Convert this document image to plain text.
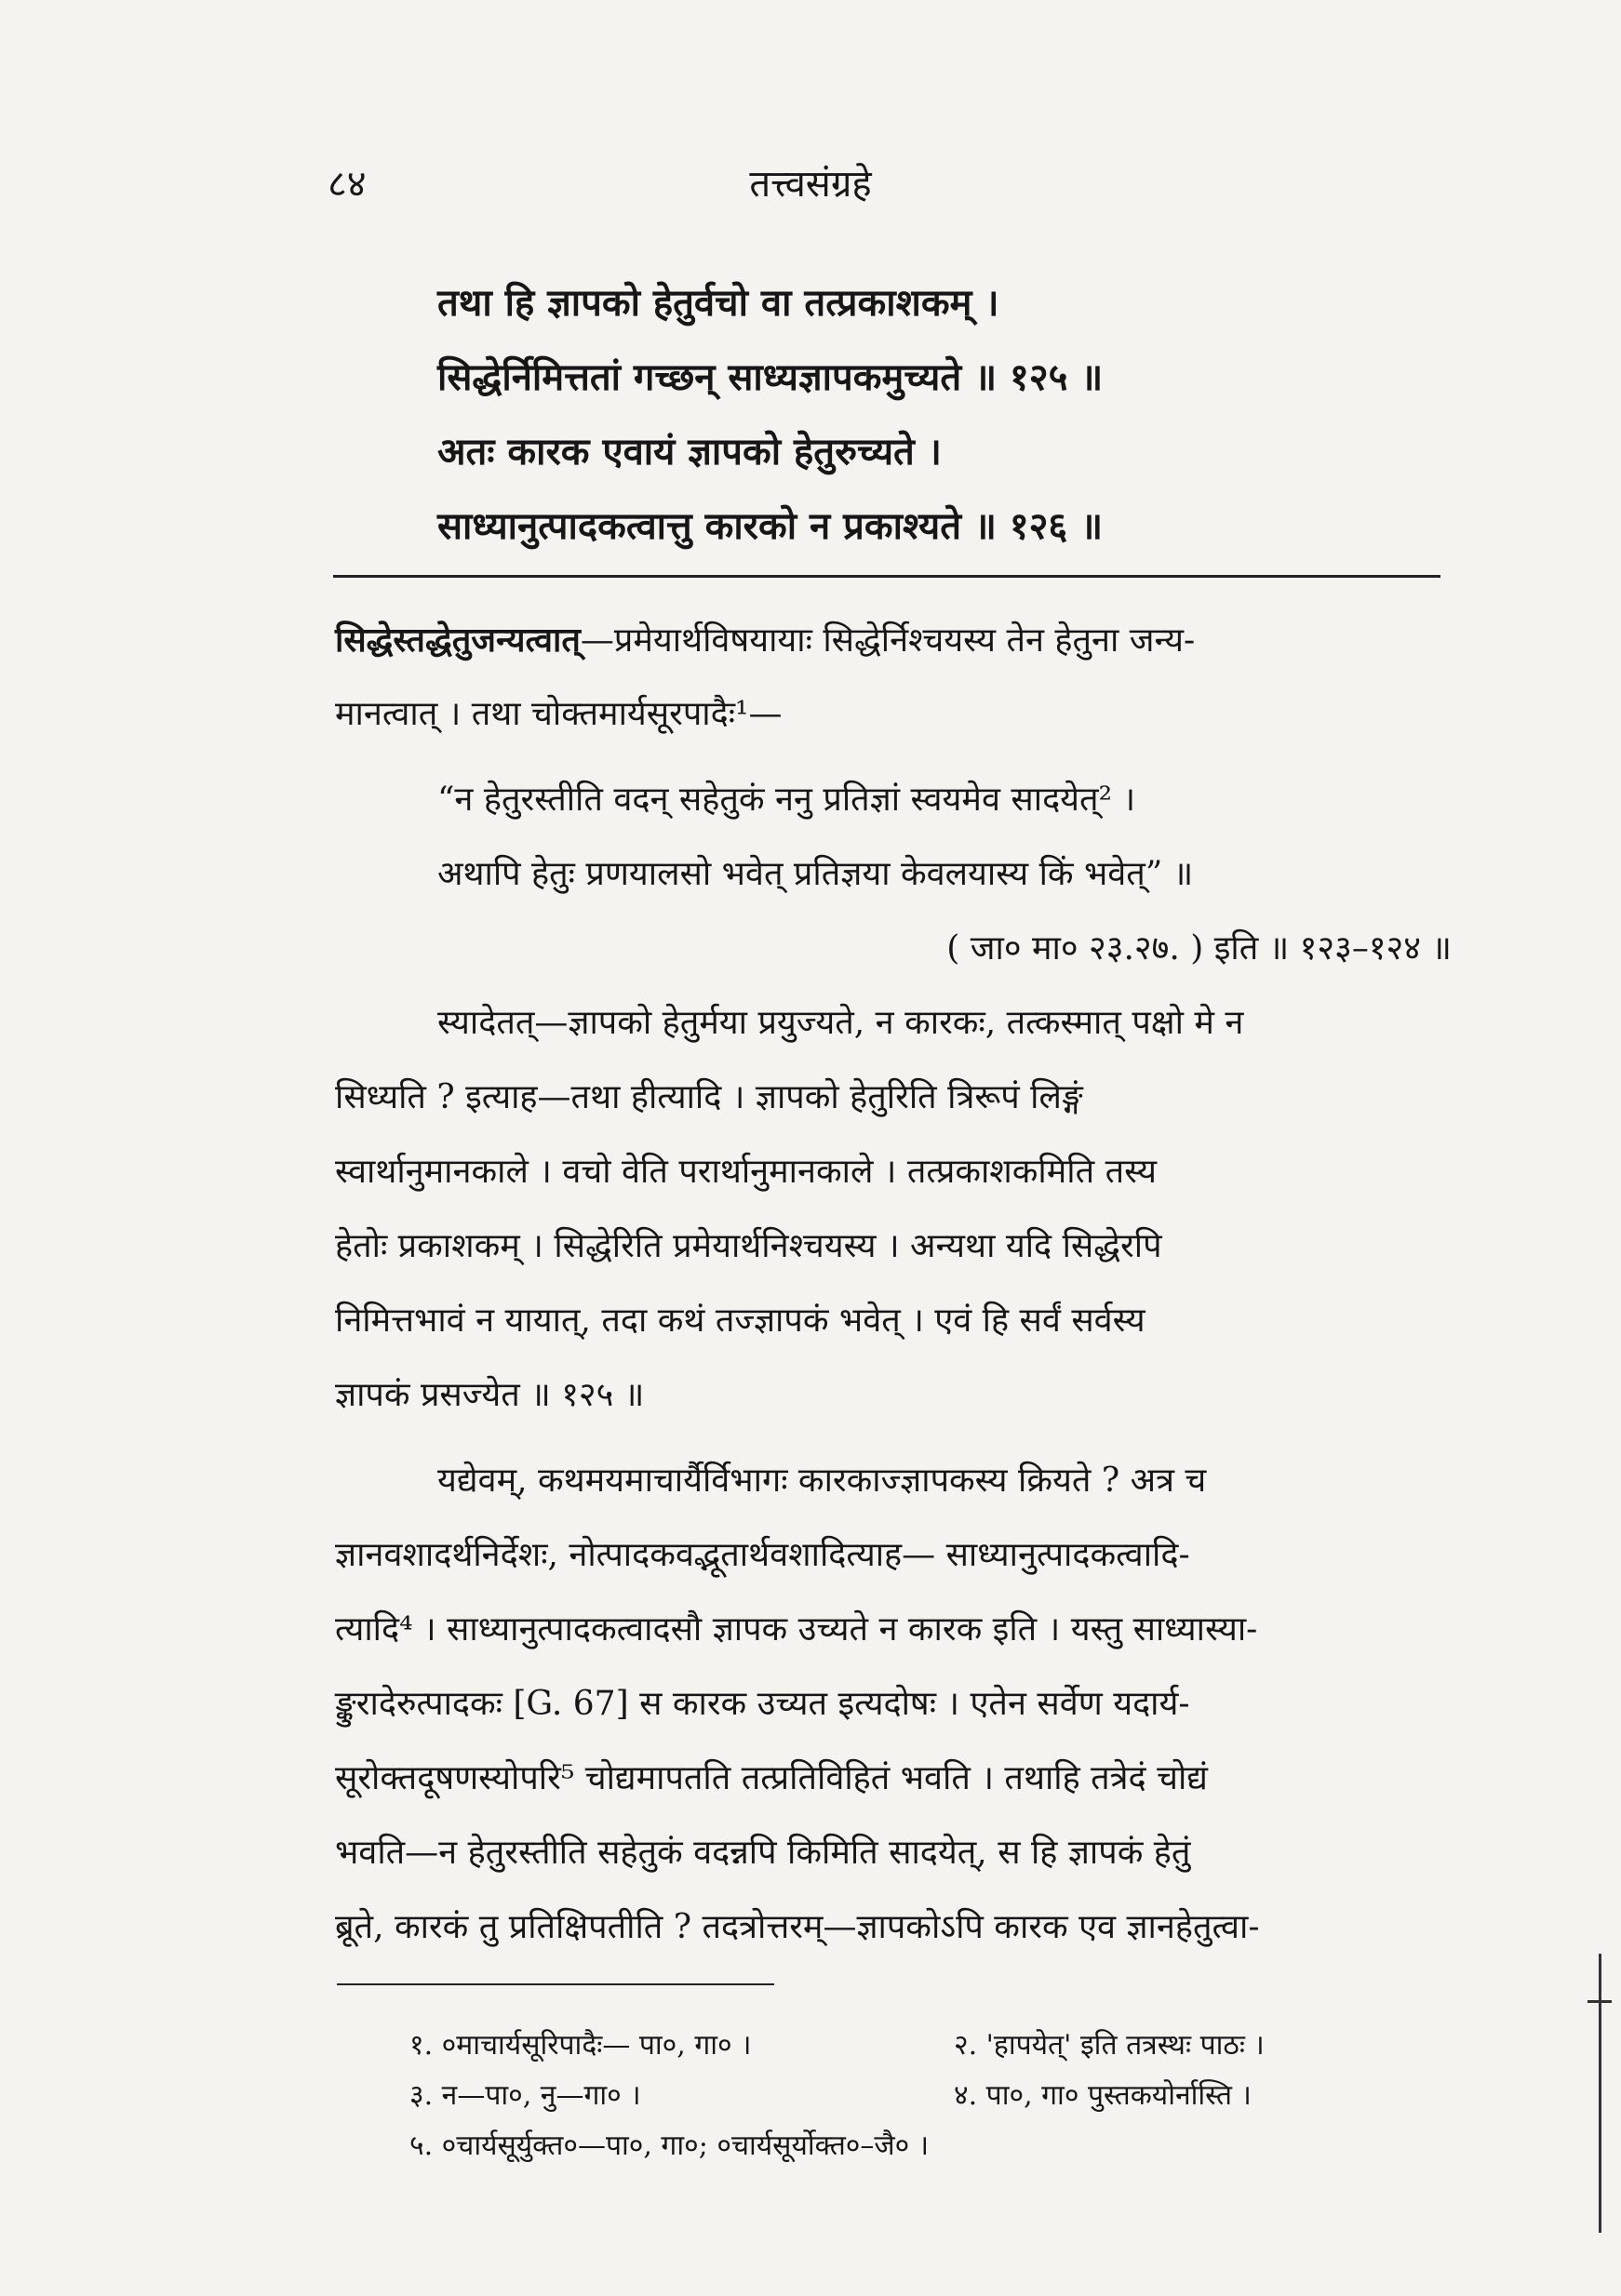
८४	तत्त्वसंग्रहे
तथा हि ज्ञापको हेतुर्वचो वा तत्प्रकाशकम् ।
सिद्धेर्निमित्ततां गच्छन् साध्यज्ञापकमुच्यते ॥ १२५ ॥
अतः कारक एवायं ज्ञापको हेतुरुच्यते ।
साध्यानुत्पादकत्वात्तु कारको न प्रकाश्यते ॥ १२६ ॥
सिद्धेस्तद्धेतुजन्यत्वात्—प्रमेयार्थविषयायाः सिद्धेर्निश्चयस्य तेन हेतुना जन्य-
मानत्वात् । तथा चोक्तमार्यसूरपादैः¹—
“न हेतुरस्तीति वदन् सहेतुकं ननु प्रतिज्ञां स्वयमेव सादयेत्² ।
अथापि हेतुः प्रणयालसो भवेत् प्रतिज्ञया केवलयास्य किं भवेत्” ॥
( जा० मा० २३.२७. ) इति ॥ १२३–१२४ ॥
स्यादेतत्—ज्ञापको हेतुर्मया प्रयुज्यते, न कारकः, तत्कस्मात् पक्षो मे न
सिध्यति ? इत्याह—तथा हीत्यादि । ज्ञापको हेतुरिति त्रिरूपं लिङ्गं
स्वार्थानुमानकाले । वचो वेति परार्थानुमानकाले । तत्प्रकाशकमिति तस्य
हेतोः प्रकाशकम् । सिद्धेरिति प्रमेयार्थनिश्चयस्य । अन्यथा यदि सिद्धेरपि
निमित्तभावं न यायात्, तदा कथं तज्ज्ञापकं भवेत् । एवं हि सर्वं सर्वस्य
ज्ञापकं प्रसज्येत ॥ १२५ ॥
यद्येवम्, कथमयमाचार्यैर्विभागः कारकाज्ज्ञापकस्य क्रियते ? अत्र च
ज्ञानवशादर्थनिर्देशः, नोत्पादकवद्भूतार्थवशादित्याह— साध्यानुत्पादकत्वादि-
त्यादि⁴ । साध्यानुत्पादकत्वादसौ ज्ञापक उच्यते न कारक इति । यस्तु साध्यास्या-
ङ्कुरादेरुत्पादकः [G. 67] स कारक उच्यत इत्यदोषः । एतेन सर्वेण यदार्य-
सूरोक्तदूषणस्योपरि⁵ चोद्यमापतति तत्प्रतिविहितं भवति । तथाहि तत्रेदं चोद्यं
भवति—न हेतुरस्तीति सहेतुकं वदन्नपि किमिति सादयेत्, स हि ज्ञापकं हेतुं
ब्रूते, कारकं तु प्रतिक्षिपतीति ? तदत्रोत्तरम्—ज्ञापकोऽपि कारक एव ज्ञानहेतुत्वा-
१. ०माचार्यसूरिपादैः— पा०, गा० ।	२. 'हापयेत्' इति तत्रस्थः पाठः ।
३. न—पा०, नु—गा० ।	४. पा०, गा० पुस्तकयोर्नास्ति ।
५. ०चार्यसूर्युक्त०—पा०, गा०; ०चार्यसूर्योक्त०–जै० ।
